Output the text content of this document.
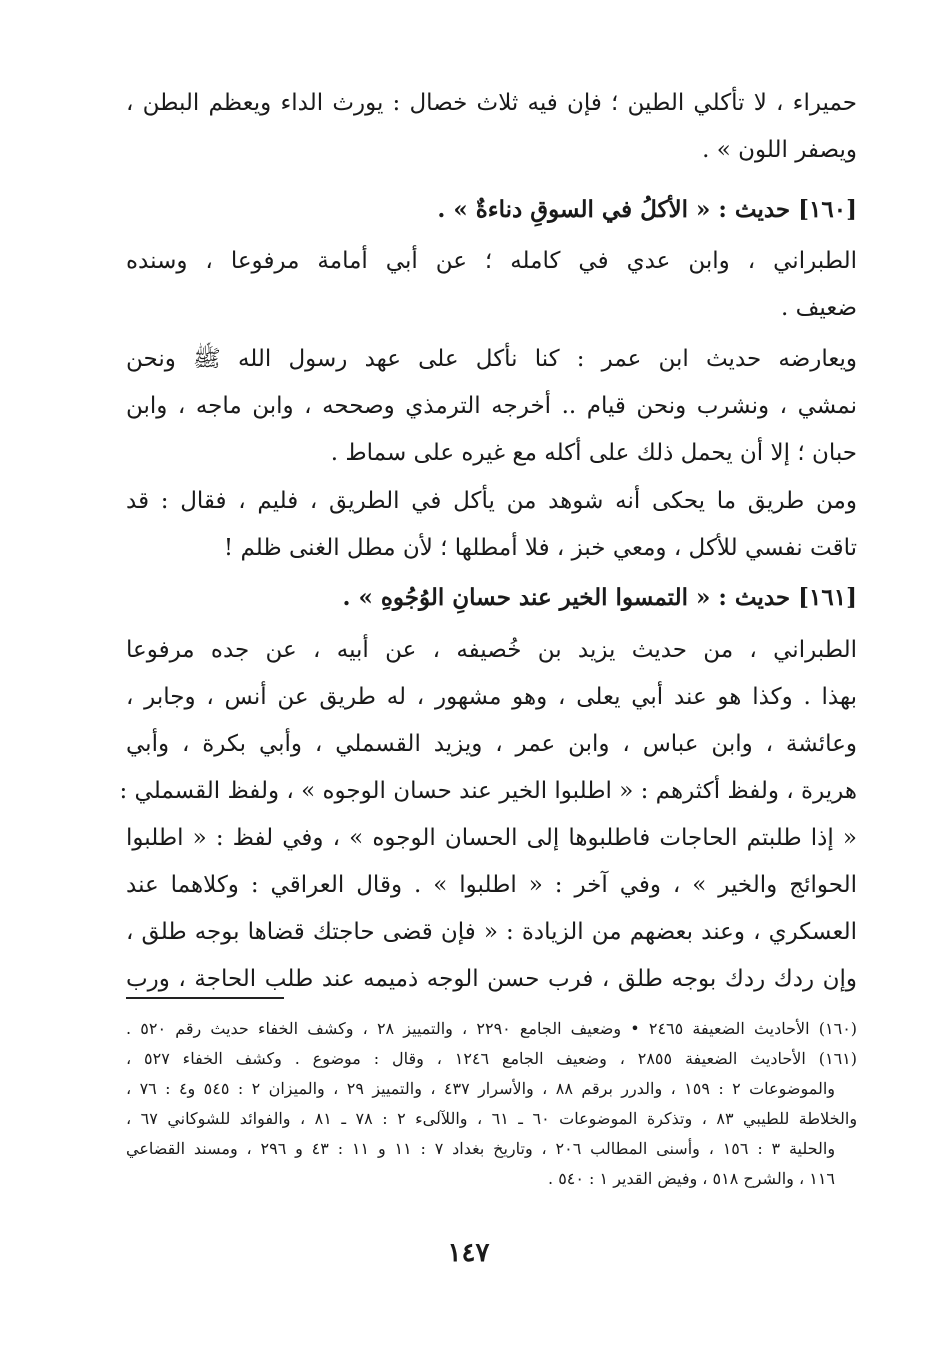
حميراء ، لا تأكلي الطين ؛ فإن فيه ثلاث خصال : يورث الداء ويعظم البطن ،
ويصفر اللون » .
[١٦٠] حديث : « الأكلُ في السوقِ دناءةٌ » .
الطبراني ، وابن عدي في كامله ؛ عن أبي أمامة مرفوعا ، وسنده
ضعيف .
ويعارضه حديث ابن عمر : كنا نأكل على عهد رسول الله ﷺ ونحن
نمشي ، ونشرب ونحن قيام .. أخرجه الترمذي وصححه ، وابن ماجه ، وابن
حبان ؛ إلا أن يحمل ذلك على أكله مع غيره على سماط .
ومن طريق ما يحكى أنه شوهد من يأكل في الطريق ، فليم ، فقال : قد
تاقت نفسي للأكل ، ومعي خبز ، فلا أمطلها ؛ لأن مطل الغنى ظلم !
[١٦١] حديث : « التمسوا الخير عند حسانِ الوُجُوهِ » .
الطبراني ، من حديث يزيد بن خُصيفه ، عن أبيه ، عن جده مرفوعا
بهذا . وكذا هو عند أبي يعلى ، وهو مشهور ، له طريق عن أنس ، وجابر ،
وعائشة ، وابن عباس ، وابن عمر ، ويزيد القسملي ، وأبي بكرة ، وأبي
هريرة ، ولفظ أكثرهم : « اطلبوا الخير عند حسان الوجوه » ، ولفظ القسملي :
« إذا طلبتم الحاجات فاطلبوها إلى الحسان الوجوه » ، وفي لفظ : « اطلبوا
الحوائج والخير » ، وفي آخر : « اطلبوا » . وقال العراقي : وكلاهما عند
العسكري ، وعند بعضهم من الزيادة : « فإن قضى حاجتك قضاها بوجه طلق ،
وإن ردك ردك بوجه طلق ، فرب حسن الوجه ذميمه عند طلب الحاجة ، ورب
(١٦٠) الأحاديث الضعيفة ٢٤٦٥ • وضعيف الجامع ٢٢٩٠ ، والتمييز ٢٨ ، وكشف الخفاء حديث رقم ٥٢٠ .
(١٦١) الأحاديث الضعيفة ٢٨٥٥ ، وضعيف الجامع ١٢٤٦ ، وقال : موضوع . وكشف الخفاء ٥٢٧ ،
والموضوعات ٢ : ١٥٩ ، والدرر برقم ٨٨ ، والأسرار ٤٣٧ ، والتمييز ٢٩ ، والميزان ٢ : ٥٤٥ و٤ : ٧٦ ،
والخلاطة للطيبي ٨٣ ، وتذكرة الموضوعات ٦٠ ـ ٦١ ، واللآلىء ٢ : ٧٨ ـ ٨١ ، والفوائد للشوكاني ٦٧ ،
والحلية ٣ : ١٥٦ ، وأسنى المطالب ٢٠٦ ، وتاريخ بغداد ٧ : ١١ و ١١ : ٤٣ و ٢٩٦ ، ومسند القضاعي
١١٦ ، والشرح ٥١٨ ، وفيض القدير ١ : ٥٤٠ .
١٤٧
